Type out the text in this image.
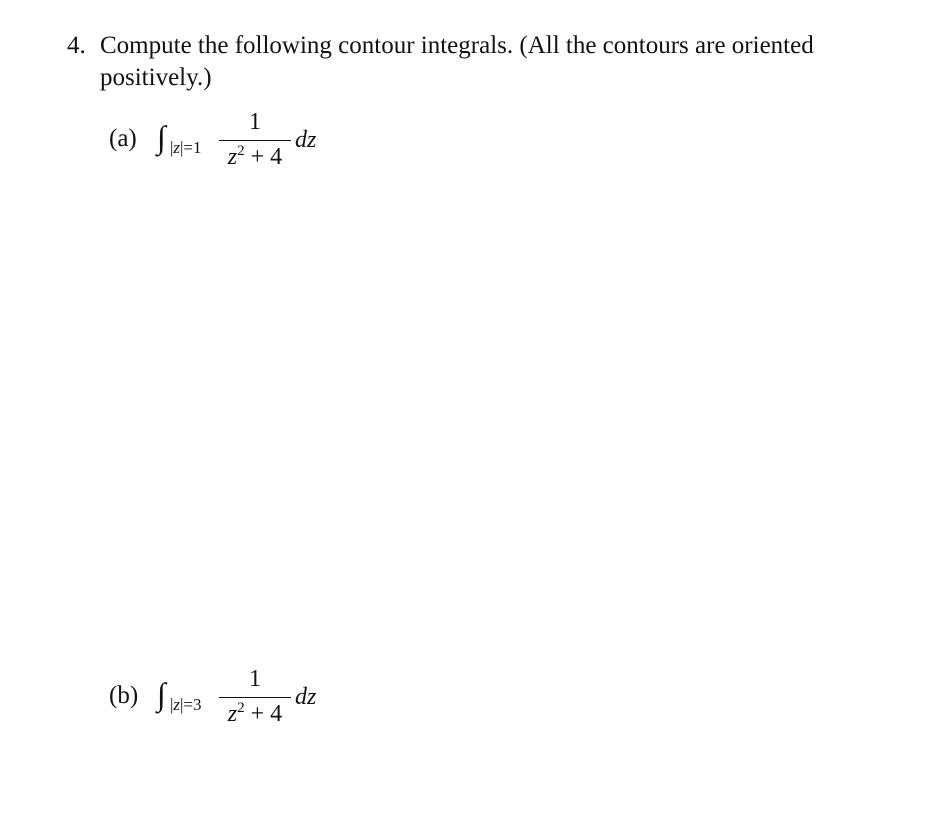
4. Compute the following contour integrals. (All the contours are oriented positively.)
(a) ∫ |z|=1
1
$z^2 + 4$
dz
(b) ∫ |z|=3
1
$z^2 + 4$
dz
